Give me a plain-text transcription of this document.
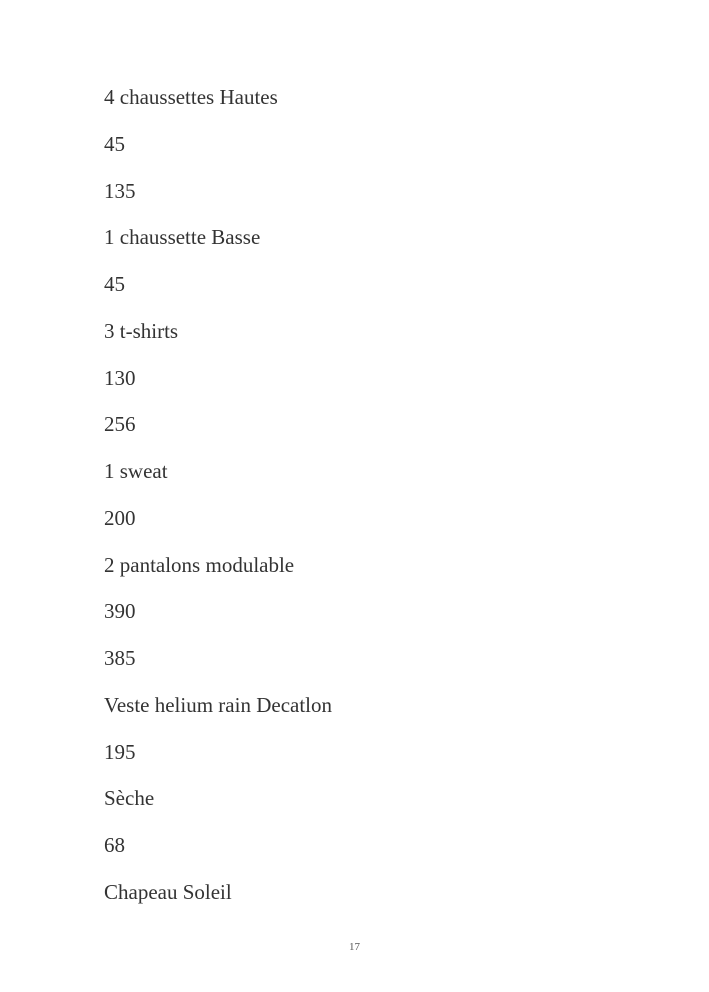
4 chaussettes Hautes
45
135
1 chaussette Basse
45
3 t-shirts
130
256
1 sweat
200
2 pantalons modulable
390
385
Veste helium rain Decatlon
195
Sèche
68
Chapeau Soleil
17
